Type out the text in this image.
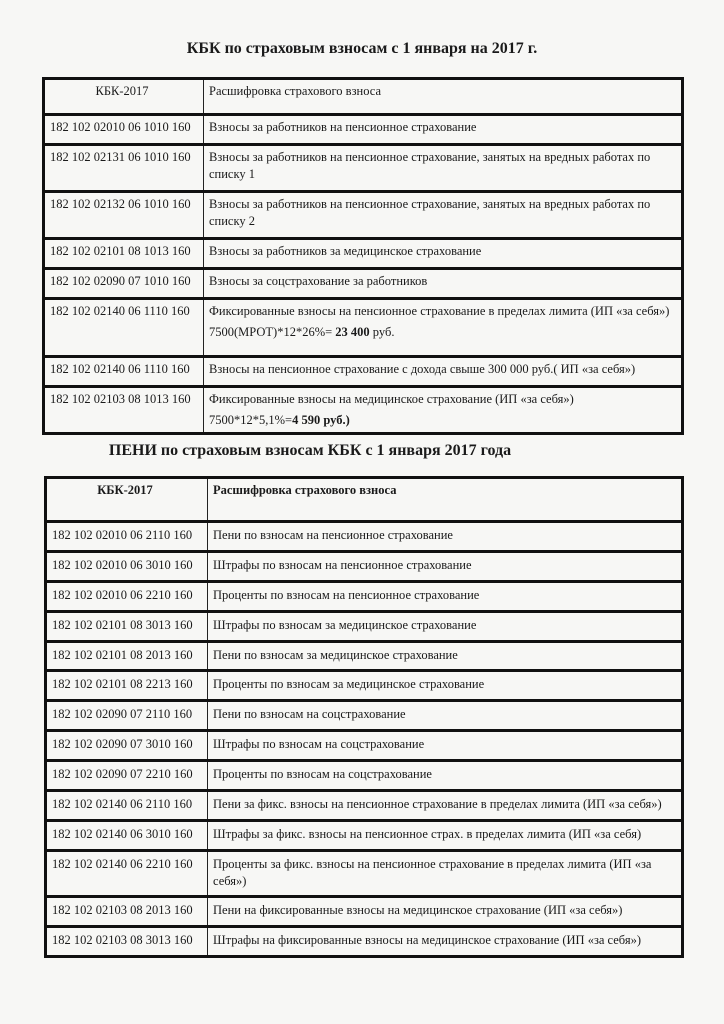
КБК по страховым взносам с 1 января на 2017 г.
КБК-2017	Расшифровка страхового взноса
182 102 02010 06 1010 160	Взносы за работников на пенсионное страхование
182 102 02131 06 1010 160	Взносы за работников на пенсионное страхование, занятых на вредных работах по списку 1
182 102 02132 06 1010 160	Взносы за работников на пенсионное страхование, занятых на вредных работах по списку 2
182 102 02101 08 1013 160	Взносы за работников за медицинское страхование
182 102 02090 07 1010 160	Взносы за соцстрахование за работников
182 102 02140 06 1110 160	Фиксированные взносы на пенсионное страхование в пределах лимита (ИП «за себя»)
7500(МРОТ)*12*26%= 23 400 руб.

182 102 02140 06 1110 160	Взносы на пенсионное страхование с дохода свыше 300 000 руб.( ИП «за себя»)
182 102 02103 08 1013 160	Фиксированные взносы на медицинское страхование (ИП «за себя»)
7500*12*5,1%=4 590 руб.)
ПЕНИ по страховым взносам КБК с 1 января 2017 года
КБК-2017	Расшифровка страхового взноса
182 102 02010 06 2110 160	Пени по взносам на пенсионное страхование
182 102 02010 06 3010 160	Штрафы по взносам на пенсионное страхование
182 102 02010 06 2210 160	Проценты по взносам на пенсионное страхование
182 102 02101 08 3013 160	Штрафы по взносам за медицинское страхование
182 102 02101 08 2013 160	Пени по взносам за медицинское страхование
182 102 02101 08 2213 160	Проценты по взносам за медицинское страхование
182 102 02090 07 2110 160	Пени по взносам на соцстрахование
182 102 02090 07 3010 160	Штрафы по взносам на соцстрахование
182 102 02090 07 2210 160	Проценты по взносам на соцстрахование
182 102 02140 06 2110 160	Пени за фикс. взносы на пенсионное страхование в пределах лимита (ИП «за себя»)
182 102 02140 06 3010 160	Штрафы за фикс. взносы на пенсионное страх. в пределах лимита (ИП «за себя)
182 102 02140 06 2210 160	Проценты за фикс. взносы на пенсионное страхование в пределах лимита (ИП «за себя»)
182 102 02103 08 2013 160	Пени на фиксированные взносы на медицинское страхование (ИП «за себя»)
182 102 02103 08 3013 160	Штрафы на фиксированные взносы на медицинское страхование (ИП «за себя»)
